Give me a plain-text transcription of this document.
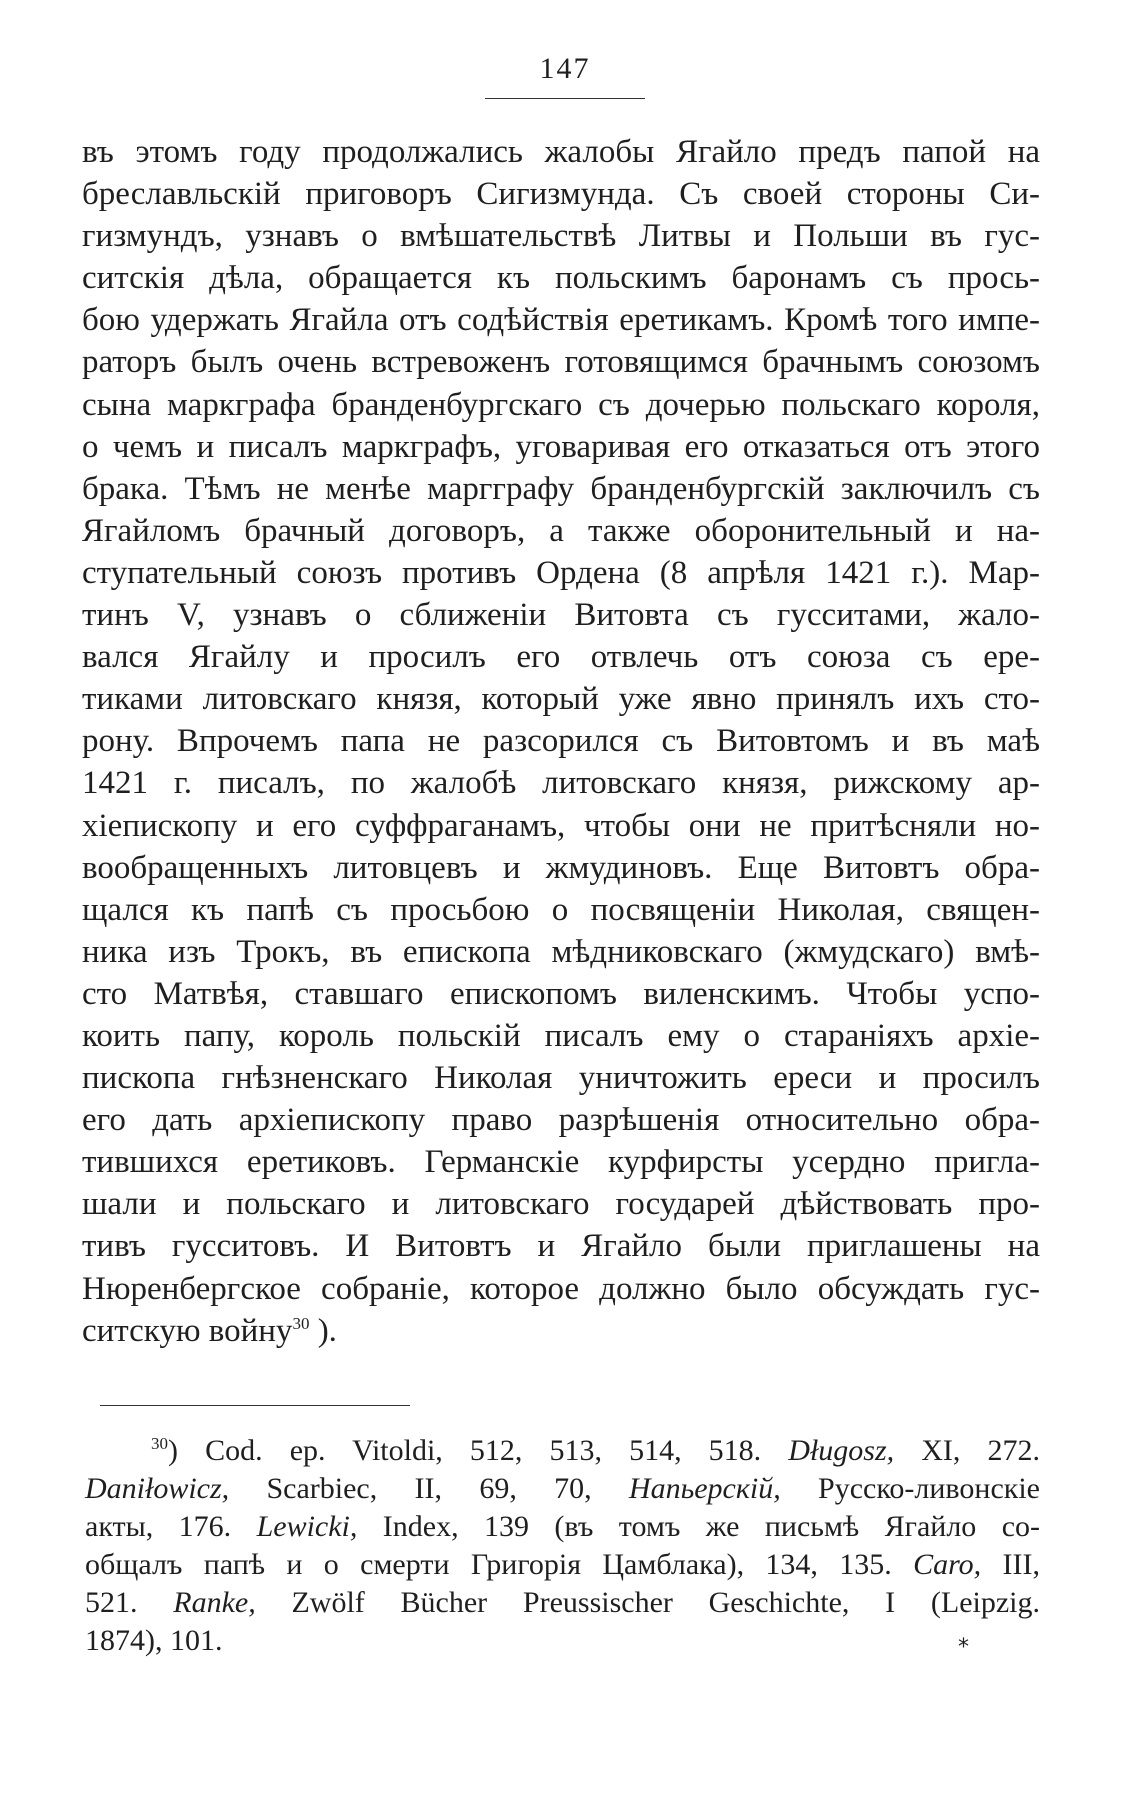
147
въ этомъ году продолжались жалобы Ягайло предъ папой на
бреславльскій приговоръ Сигизмунда. Съ своей стороны Си-
гизмундъ, узнавъ о вмѣшательствѣ Литвы и Польши въ гус-
ситскія дѣла, обращается къ польскимъ баронамъ съ прось-
бою удержать Ягайла отъ содѣйствія еретикамъ. Кромѣ того импе-
раторъ былъ очень встревоженъ готовящимся брачнымъ союзомъ
сына маркграфа бранденбургскаго съ дочерью польскаго короля,
о чемъ и писалъ маркграфъ, уговаривая его отказаться отъ этого
брака. Тѣмъ не менѣе маргграфу бранденбургскій заключилъ съ
Ягайломъ брачный договоръ, а также оборонительный и на-
ступательный союзъ противъ Ордена (8 апрѣля 1421 г.). Мар-
тинъ V, узнавъ о сближеніи Витовта съ гусситами, жало-
вался Ягайлу и просилъ его отвлечь отъ союза съ ере-
тиками литовскаго князя, который уже явно принялъ ихъ сто-
рону. Впрочемъ папа не разсорился съ Витовтомъ и въ маѣ
1421 г. писалъ, по жалобѣ литовскаго князя, рижскому ар-
хіепископу и его суффраганамъ, чтобы они не притѣсняли но-
вообращенныхъ литовцевъ и жмудиновъ. Еще Витовтъ обра-
щался къ папѣ съ просьбою о посвященіи Николая, священ-
ника изъ Трокъ, въ епископа мѣдниковскаго (жмудскаго) вмѣ-
сто Матвѣя, ставшаго епископомъ виленскимъ. Чтобы успо-
коить папу, король польскій писалъ ему о стараніяхъ архіе-
пископа гнѣзненскаго Николая уничтожить ереси и просилъ
его дать архіепископу право разрѣшенія относительно обра-
тившихся еретиковъ. Германскіе курфирсты усердно пригла-
шали и польскаго и литовскаго государей дѣйствовать про-
тивъ гусситовъ. И Витовтъ и Ягайло были приглашены на
Нюренбергское собраніе, которое должно было обсуждать гус-
ситскую войну$^{30}$ ).
$^{30}$) Cod. ep. Vitoldi, 512, 513, 514, 518. Długosz, XI, 272.
Daniłowicz, Scarbiec, II, 69, 70, Напьерскій, Русско-ливонскіе
акты, 176. Lewicki, Index, 139 (въ томъ же письмѣ Ягайло со-
общалъ папѣ и о смерти Григорія Цамблака), 134, 135. Caro, III,
521. Ranke, Zwölf Bücher Preussischer Geschichte, I (Leipzig.
1874), 101.	*
